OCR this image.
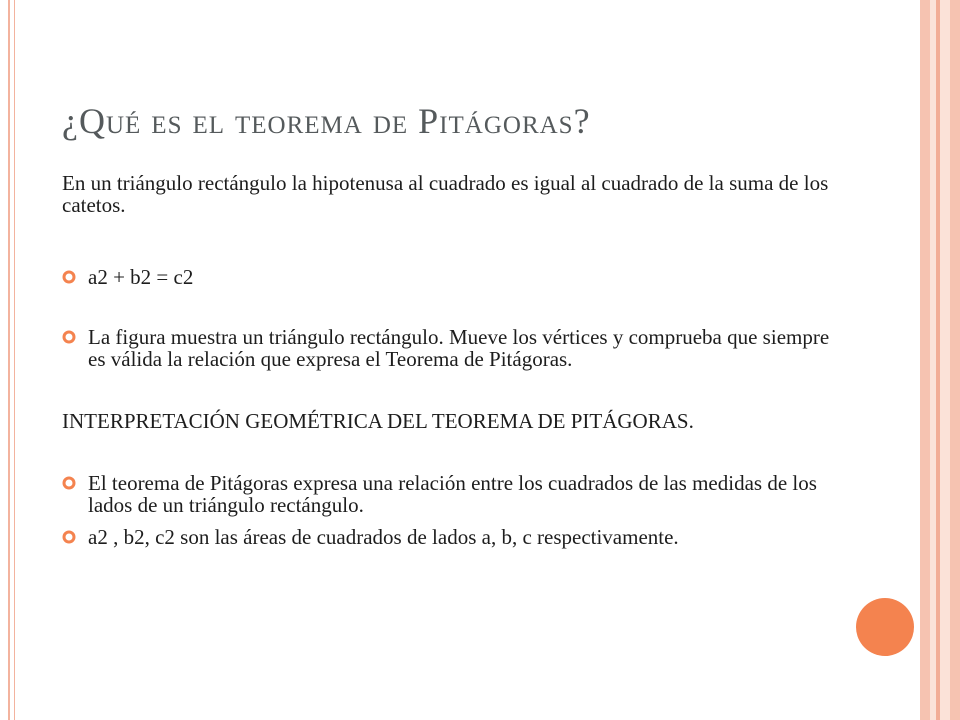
¿Qué es el teorema de Pitágoras?

En un triángulo rectángulo la hipotenusa al cuadrado es igual al cuadrado de la suma de los catetos.

a2 + b2 = c2

La figura muestra un triángulo rectángulo. Mueve los vértices y comprueba que siempre es válida la relación que expresa el Teorema de Pitágoras.

INTERPRETACIÓN GEOMÉTRICA DEL TEOREMA DE PITÁGORAS.

El teorema de Pitágoras expresa una relación entre los cuadrados de las medidas de los lados de un triángulo rectángulo.

a2 , b2, c2 son las áreas de cuadrados de lados a, b, c respectivamente.
